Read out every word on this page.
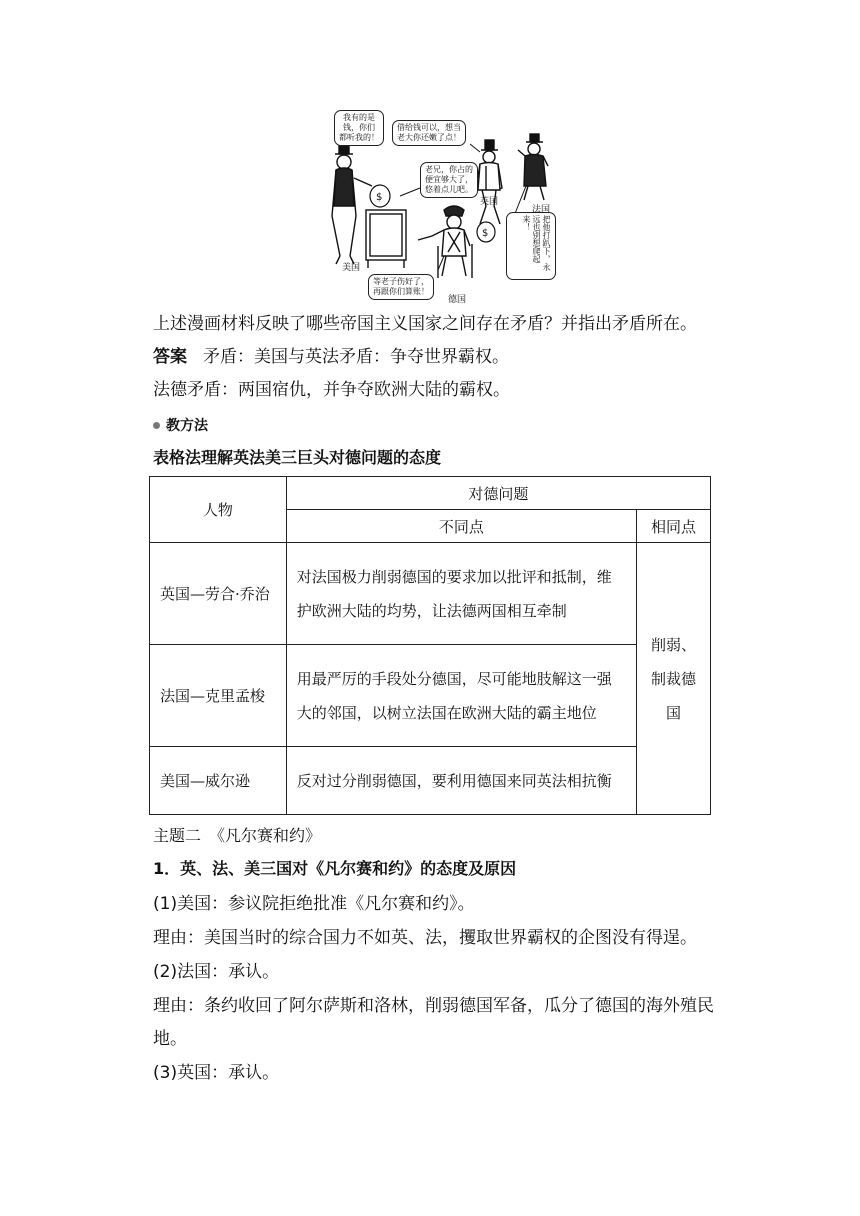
$
$
我有的是
钱，你们
都听我的！
借给钱可以，想当
老大你还嫩了点！
老兄，你占的
便宜够大了，
悠着点儿吧。
等老子伤好了，
再跟你们算账！
把他打趴下，永远也别想爬起来！
美国
英国
法国
德国
上述漫画材料反映了哪些帝国主义国家之间存在矛盾？并指出矛盾所在。
答案 矛盾：美国与英法矛盾：争夺世界霸权。
法德矛盾：两国宿仇，并争夺欧洲大陆的霸权。
教方法
表格法理解英法美三巨头对德问题的态度
人物	对德问题	
	不同点	相同点

英国—劳合·乔治	对法国极力削弱德国的要求加以批评和抵制，维护欧洲大陆的均势，让法德两国相互牵制	削弱、制裁德国

法国—克里孟梭	用最严厉的手段处分德国，尽可能地肢解这一强大的邻国，以树立法国在欧洲大陆的霸主地位	

美国—威尔逊	反对过分削弱德国，要利用德国来同英法相抗衡	
主题二　《凡尔赛和约》
1．英、法、美三国对《凡尔赛和约》的态度及原因
(1)美国：参议院拒绝批准《凡尔赛和约》。
理由：美国当时的综合国力不如英、法，攫取世界霸权的企图没有得逞。
(2)法国：承认。
理由：条约收回了阿尔萨斯和洛林，削弱德国军备，瓜分了德国的海外殖民
地。
(3)英国：承认。
